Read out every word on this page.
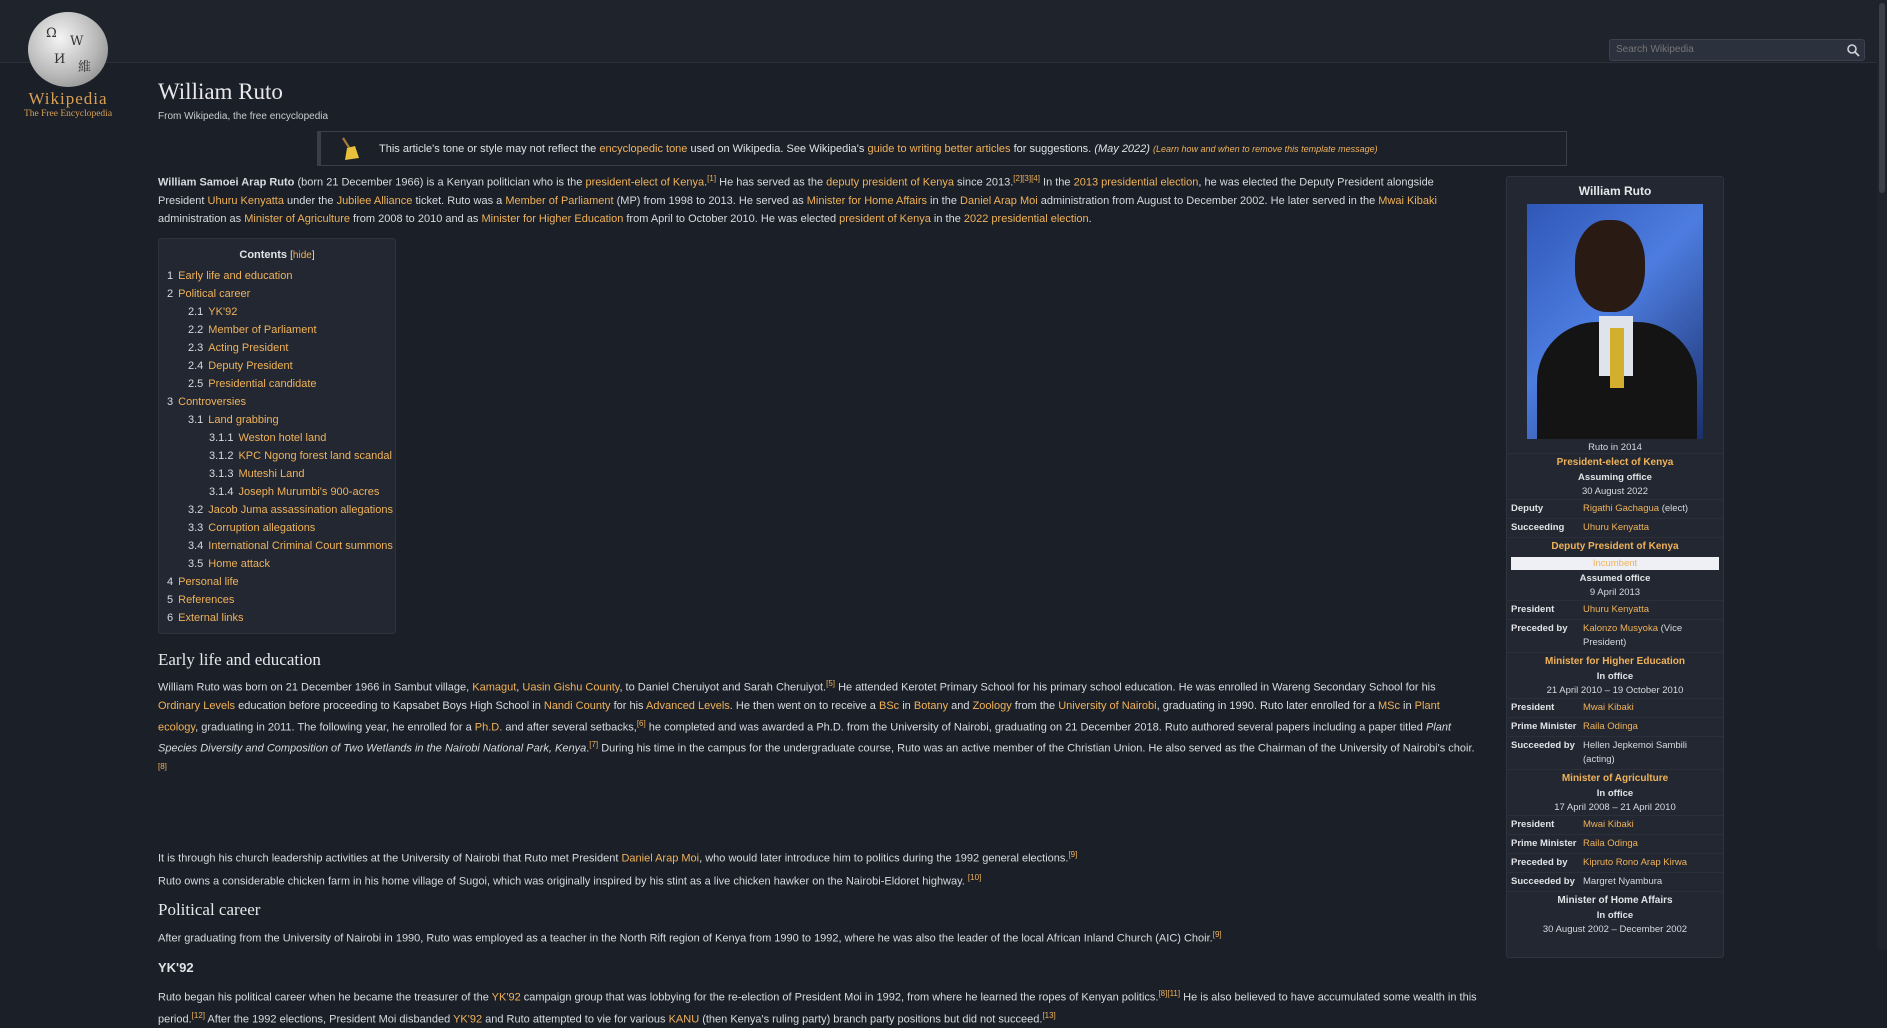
Ω
W
И
維
Wikipedia
The Free Encyclopedia
Search Wikipedia
William Ruto
From Wikipedia, the free encyclopedia
This article's tone or style may not reflect the encyclopedic tone used on Wikipedia. See Wikipedia's guide to writing better articles for suggestions. (May 2022) (Learn how and when to remove this template message)

William Samoei Arap Ruto (born 21 December 1966) is a Kenyan politician who is the president-elect of Kenya.[1] He has served as the deputy president of Kenya since 2013.[2][3][4] In the 2013 presidential election, he was elected the Deputy President alongside President Uhuru Kenyatta under the Jubilee Alliance ticket. Ruto was a Member of Parliament (MP) from 1998 to 2013. He served as Minister for Home Affairs in the Daniel Arap Moi administration from August to December 2002. He later served in the Mwai Kibaki administration as Minister of Agriculture from 2008 to 2010 and as Minister for Higher Education from April to October 2010. He was elected president of Kenya in the 2022 presidential election.

Contents [hide]
1 Early life and education
2 Political career
2.1 YK'92
2.2 Member of Parliament
2.3 Acting President
2.4 Deputy President
2.5 Presidential candidate
3 Controversies
3.1 Land grabbing
3.1.1 Weston hotel land
3.1.2 KPC Ngong forest land scandal
3.1.3 Muteshi Land
3.1.4 Joseph Murumbi's 900-acres
3.2 Jacob Juma assassination allegations
3.3 Corruption allegations
3.4 International Criminal Court summons
3.5 Home attack
4 Personal life
5 References
6 External links
Early life and education

William Ruto was born on 21 December 1966 in Sambut village, Kamagut, Uasin Gishu County, to Daniel Cheruiyot and Sarah Cheruiyot.[5] He attended Kerotet Primary School for his primary school education. He was enrolled in Wareng Secondary School for his Ordinary Levels education before proceeding to Kapsabet Boys High School in Nandi County for his Advanced Levels. He then went on to receive a BSc in Botany and Zoology from the University of Nairobi, graduating in 1990. Ruto later enrolled for a MSc in Plant ecology, graduating in 2011. The following year, he enrolled for a Ph.D. and after several setbacks,[6] he completed and was awarded a Ph.D. from the University of Nairobi, graduating on 21 December 2018. Ruto authored several papers including a paper titled Plant Species Diversity and Composition of Two Wetlands in the Nairobi National Park, Kenya.[7] During his time in the campus for the undergraduate course, Ruto was an active member of the Christian Union. He also served as the Chairman of the University of Nairobi's choir.[8]

It is through his church leadership activities at the University of Nairobi that Ruto met President Daniel Arap Moi, who would later introduce him to politics during the 1992 general elections.[9]

Ruto owns a considerable chicken farm in his home village of Sugoi, which was originally inspired by his stint as a live chicken hawker on the Nairobi-Eldoret highway. [10]

Political career

After graduating from the University of Nairobi in 1990, Ruto was employed as a teacher in the North Rift region of Kenya from 1990 to 1992, where he was also the leader of the local African Inland Church (AIC) Choir.[9]

YK'92

Ruto began his political career when he became the treasurer of the YK'92 campaign group that was lobbying for the re-election of President Moi in 1992, from where he learned the ropes of Kenyan politics.[8][11] He is also believed to have accumulated some wealth in this period.[12] After the 1992 elections, President Moi disbanded YK'92 and Ruto attempted to vie for various KANU (then Kenya's ruling party) branch party positions but did not succeed.[13]

William Ruto
Ruto in 2014
President-elect of Kenya
Assuming office
30 August 2022
Deputy	Rigathi Gachagua (elect)
Succeeding	Uhuru Kenyatta
Deputy President of Kenya
Incumbent
Assumed office
9 April 2013
President	Uhuru Kenyatta
Preceded by	Kalonzo Musyoka (Vice President)
Minister for Higher Education
In office
21 April 2010 – 19 October 2010
President	Mwai Kibaki
Prime Minister Raila Odinga
Succeeded by Hellen Jepkemoi Sambili (acting)
Minister of Agriculture
In office
17 April 2008 – 21 April 2010
President	Mwai Kibaki
Prime Minister Raila Odinga
Preceded by	Kipruto Rono Arap Kirwa
Succeeded by Margret Nyambura
Minister of Home Affairs
In office
30 August 2002 – December 2002
